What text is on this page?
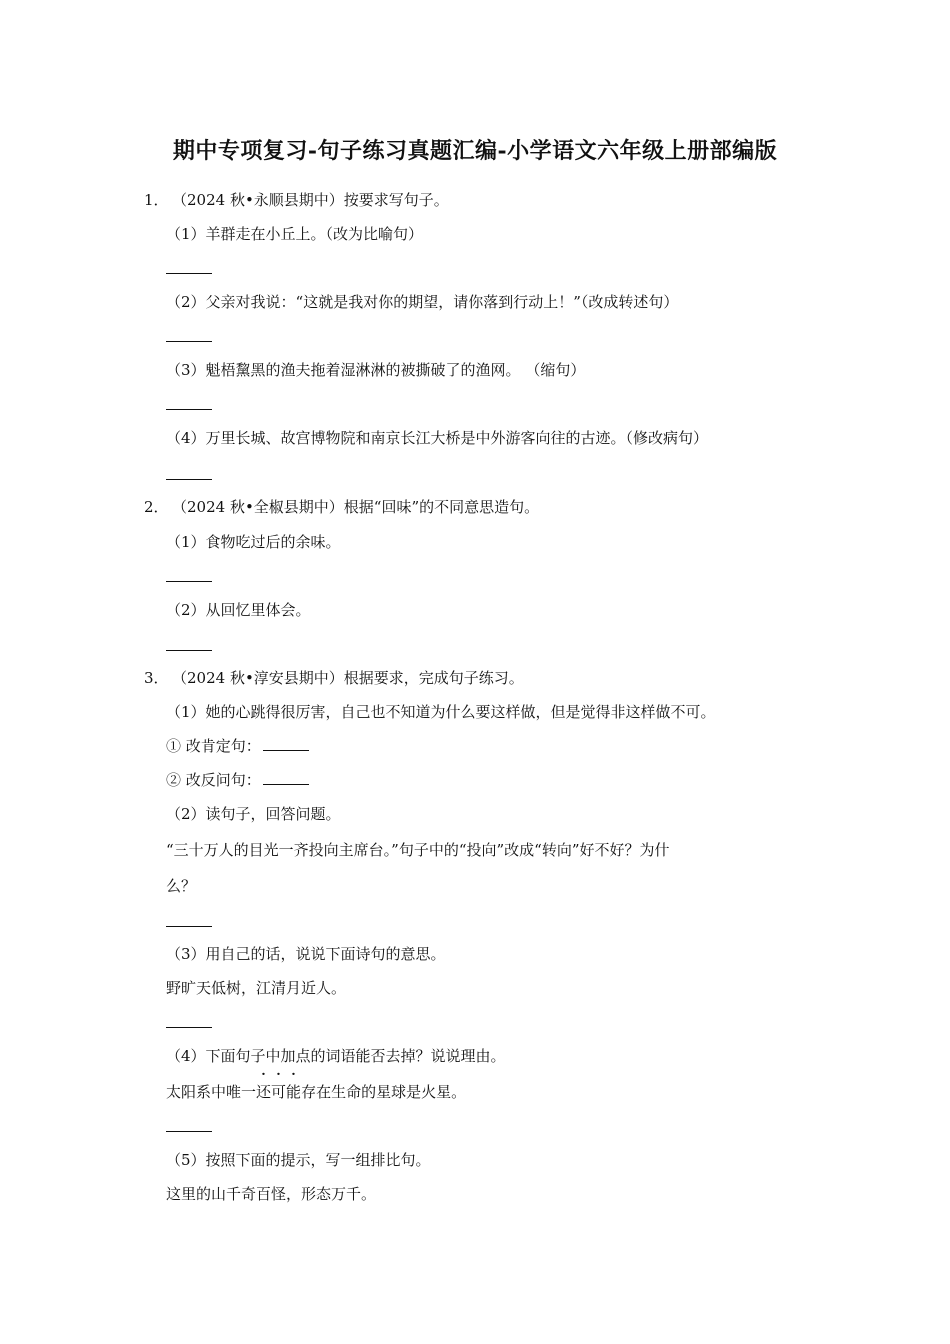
期中专项复习-句子练习真题汇编-小学语文六年级上册部编版
1． （2024 秋•永顺县期中）按要求写句子。
（1）羊群走在小丘上。（改为比喻句）
（2）父亲对我说：“这就是我对你的期望，请你落到行动上！”（改成转述句）
（3）魁梧黧黑的渔夫拖着湿淋淋的被撕破了的渔网。 （缩句）
（4）万里长城、故宫博物院和南京长江大桥是中外游客向往的古迹。（修改病句）
2． （2024 秋•全椒县期中）根据“回味”的不同意思造句。
（1）食物吃过后的余味。
（2）从回忆里体会。
3． （2024 秋•淳安县期中）根据要求，完成句子练习。
（1）她的心跳得很厉害，自己也不知道为什么要这样做，但是觉得非这样做不可。
① 改肯定句：
② 改反问句：
（2）读句子，回答问题。
“三十万人的目光一齐投向主席台。”句子中的“投向”改成“转向”好不好？为什
么？
（3）用自己的话，说说下面诗句的意思。
野旷天低树，江清月近人。
（4）下面句子中加点的词语能否去掉？说说理由。
太阳系中唯一还可能存在生命的星球是火星。
（5）按照下面的提示，写一组排比句。
这里的山千奇百怪，形态万千。
